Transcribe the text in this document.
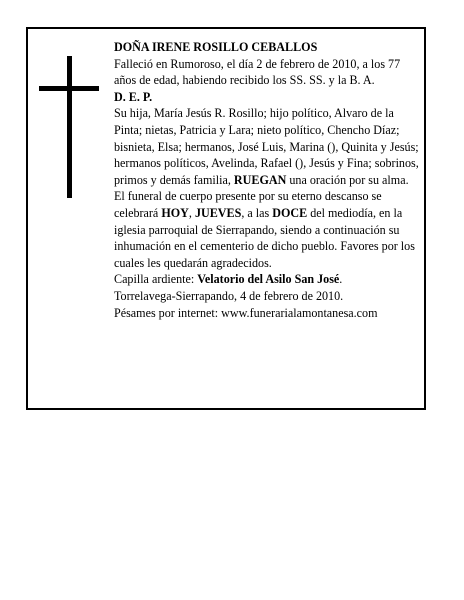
DOÑA IRENE ROSILLO CEBALLOS

Falleció en Rumoroso, el día 2 de febrero de 2010, a los 77 años de edad, habiendo recibido los SS. SS. y la B. A.

D. E. P.

Su hija, María Jesús R. Rosillo; hijo político, Alvaro de la Pinta; nietas, Patricia y Lara; nieto político, Chencho Díaz; bisnieta, Elsa; hermanos, José Luis, Marina (), Quinita y Jesús; hermanos políticos, Avelinda, Rafael (), Jesús y Fina; sobrinos, primos y demás familia, RUEGAN una oración por su alma. El funeral de cuerpo presente por su eterno descanso se celebrará HOY, JUEVES, a las DOCE del mediodía, en la iglesia parroquial de Sierrapando, siendo a continuación su inhumación en el cementerio de dicho pueblo. Favores por los cuales les quedarán agradecidos.

Capilla ardiente: Velatorio del Asilo San José.

Torrelavega-Sierrapando, 4 de febrero de 2010.

Pésames por internet: www.funerarialamontanesa.com
